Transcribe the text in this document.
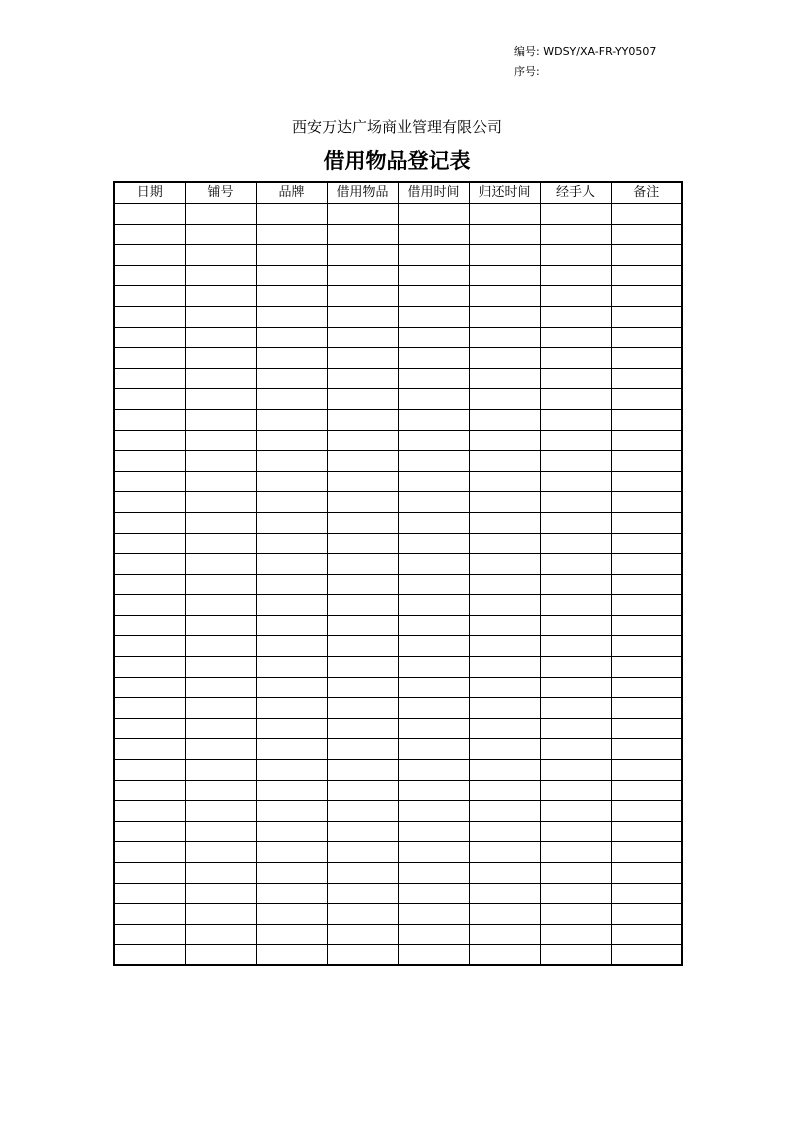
编号: WDSY/XA-FR-YY0507
序号:
西安万达广场商业管理有限公司
借用物品登记表
日期	铺号	品牌	借用物品	借用时间	归还时间	经手人	备注
